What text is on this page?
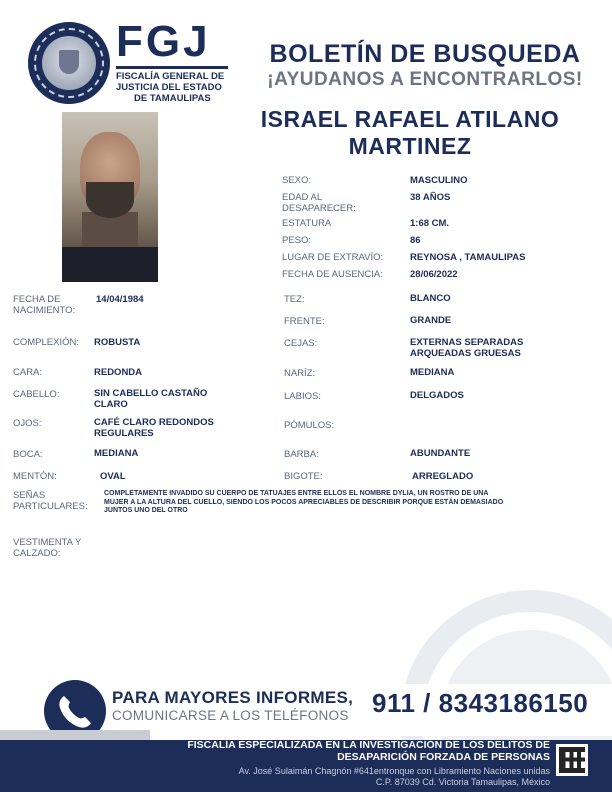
FGJ
FISCALÍA GENERAL DE
JUSTICIA DEL ESTADO
DE TAMAULIPAS
BOLETÍN DE BUSQUEDA
¡AYUDANOS A ENCONTRARLOS!
ISRAEL RAFAEL ATILANO
MARTINEZ
SEXO:	MASCULINO
EDAD AL
DESAPARECER:
38 AÑOS
ESTATURA	1:68 CM.
PESO:	86
LUGAR DE EXTRAVÍO:	REYNOSA , TAMAULIPAS
FECHA DE AUSENCIA:	28/06/2022
FECHA DE
NACIMIENTO:
14/04/1984
COMPLEXIÓN: ROBUSTA
CARA:	REDONDA
CABELLO:	SIN CABELLO CASTAÑO
CLARO
OJOS:	CAFÉ CLARO REDONDOS
REGULARES
BOCA:	MEDIANA
MENTÓN:	OVAL
TEZ:	BLANCO
FRENTE:	GRANDE
CEJAS:	EXTERNAS SEPARADAS
ARQUEADAS GRUESAS
NARÍZ:	MEDIANA
LABIOS:	DELGADOS
PÓMULOS:
BARBA:	ABUNDANTE
BIGOTE:	ARREGLADO
SEÑAS
PARTICULARES:
COMPLETAMENTE INVADIDO SU CUERPO DE TATUAJES ENTRE ELLOS EL NOMBRE DYLIA, UN ROSTRO DE UNA
MUJER A LA ALTURA DEL CUELLO, SIENDO LOS POCOS APRECIABLES DE DESCRIBIR PORQUE ESTÁN DEMASIADO
JUNTOS UNO DEL OTRO
VESTIMENTA Y
CALZADO:
PARA MAYORES INFORMES,
COMUNICARSE A LOS TELÉFONOS 911 / 8343186150
FISCALÍA ESPECIALIZADA EN LA INVESTIGACIÓN DE LOS DELITOS DE
DESAPARICIÓN FORZADA DE PERSONAS
Av. José Sulaimán Chagnón #641entronque con Libramiento Naciones unidas
C.P. 87039 Cd. Victoria Tamaulipas, México
